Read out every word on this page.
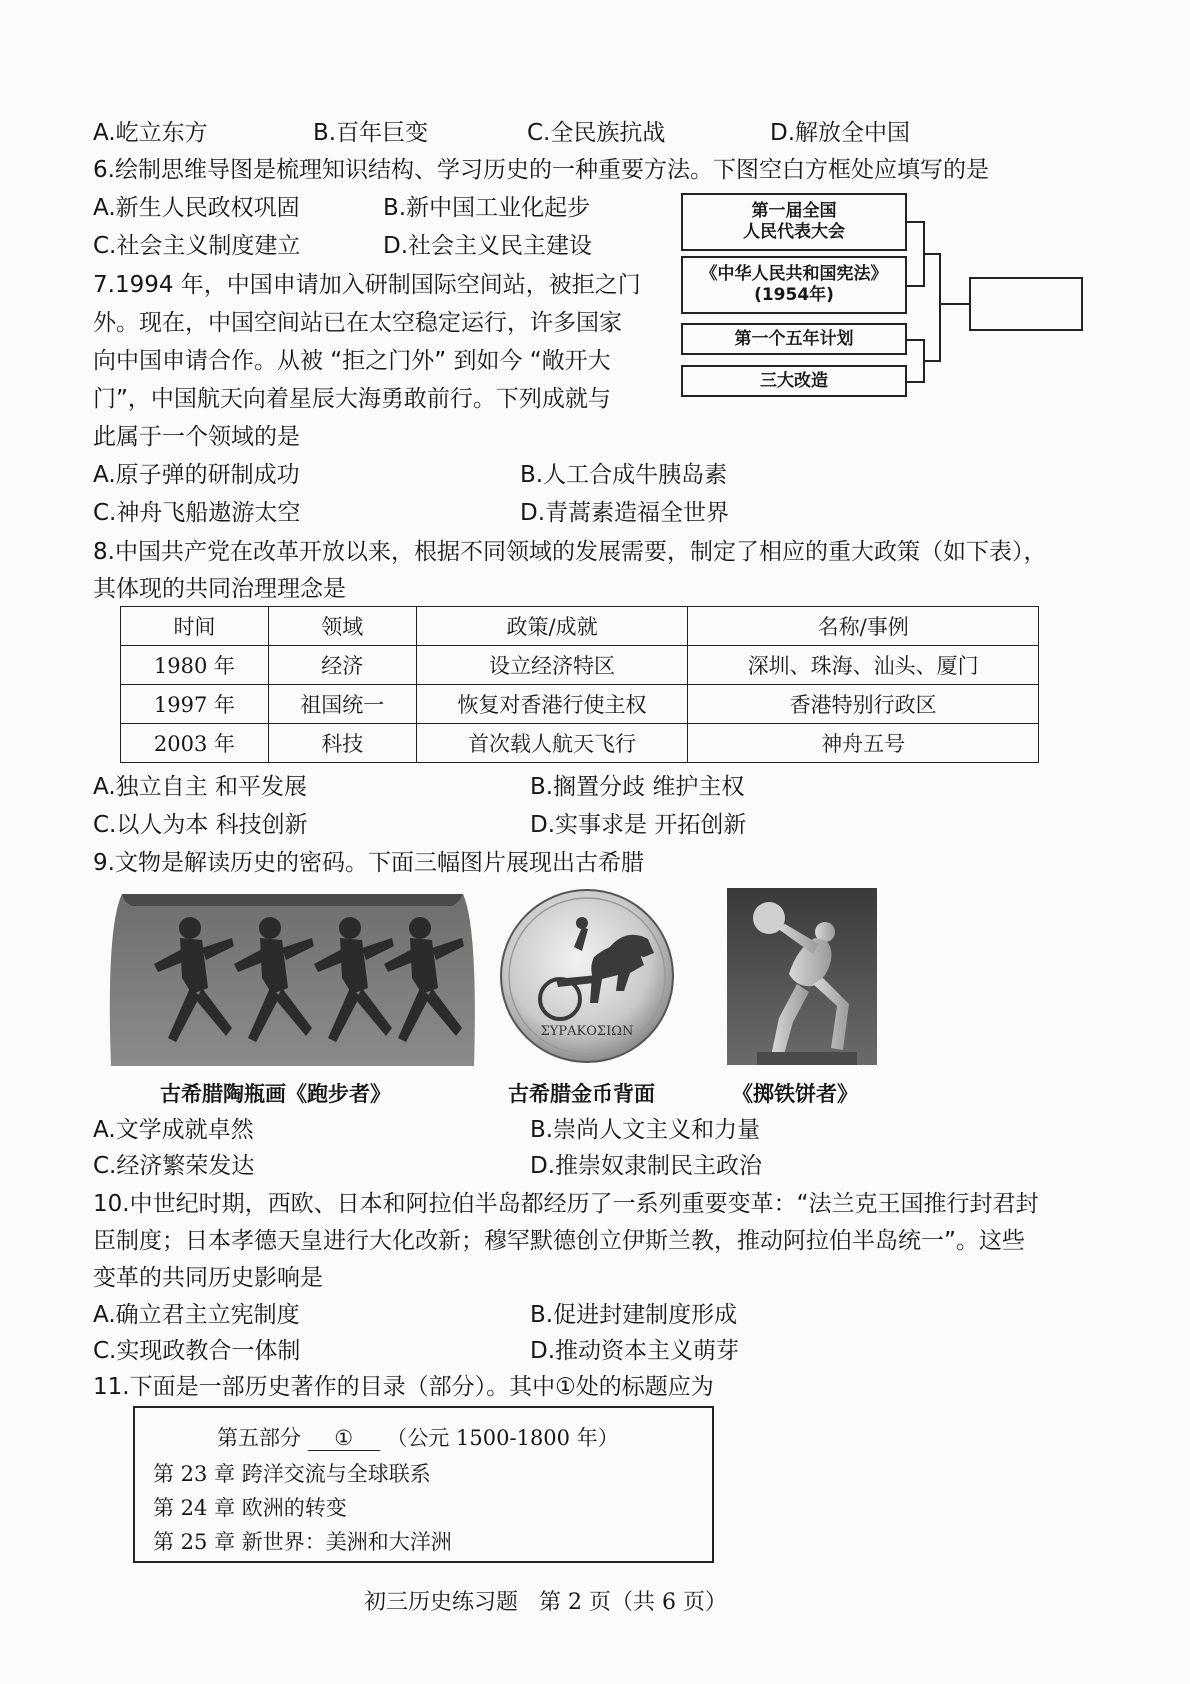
A.屹立东方	B.百年巨变	C.全民族抗战	D.解放全中国
6.绘制思维导图是梳理知识结构、学习历史的一种重要方法。下图空白方框处应填写的是
A.新生人民政权巩固	B.新中国工业化起步
C.社会主义制度建立	D.社会主义民主建设
第一届全国
人民代表大会
《中华人民共和国宪法》
(1954年)
第一个五年计划
三大改造
7.1994 年，中国申请加入研制国际空间站，被拒之门
外。现在，中国空间站已在太空稳定运行，许多国家
向中国申请合作。从被 “拒之门外” 到如今 “敞开大
门”，中国航天向着星辰大海勇敢前行。下列成就与
此属于一个领域的是
A.原子弹的研制成功	B.人工合成牛胰岛素
C.神舟飞船遨游太空	D.青蒿素造福全世界
8.中国共产党在改革开放以来，根据不同领域的发展需要，制定了相应的重大政策（如下表），
其体现的共同治理理念是
时间	领域	政策/成就	名称/事例
1980 年	经济	设立经济特区	深圳、珠海、汕头、厦门
1997 年	祖国统一	恢复对香港行使主权	香港特别行政区
2003 年	科技	首次载人航天飞行	神舟五号
A.独立自主 和平发展	B.搁置分歧 维护主权
C.以人为本 科技创新	D.实事求是 开拓创新
9.文物是解读历史的密码。下面三幅图片展现出古希腊
ΣΥΡΑΚΟΣΙΩΝ
古希腊陶瓶画《跑步者》	古希腊金币背面	《掷铁饼者》
A.文学成就卓然	B.崇尚人文主义和力量
C.经济繁荣发达	D.推崇奴隶制民主政治
10.中世纪时期，西欧、日本和阿拉伯半岛都经历了一系列重要变革：“法兰克王国推行封君封
臣制度；日本孝德天皇进行大化改新；穆罕默德创立伊斯兰教，推动阿拉伯半岛统一”。这些
变革的共同历史影响是
A.确立君主立宪制度	B.促进封建制度形成
C.实现政教合一体制	D.推动资本主义萌芽
11.下面是一部历史著作的目录（部分）。其中①处的标题应为
第五部分 ① （公元 1500-1800 年）
第 23 章 跨洋交流与全球联系
第 24 章 欧洲的转变
第 25 章 新世界：美洲和大洋洲
初三历史练习题   第 2 页（共 6 页）
